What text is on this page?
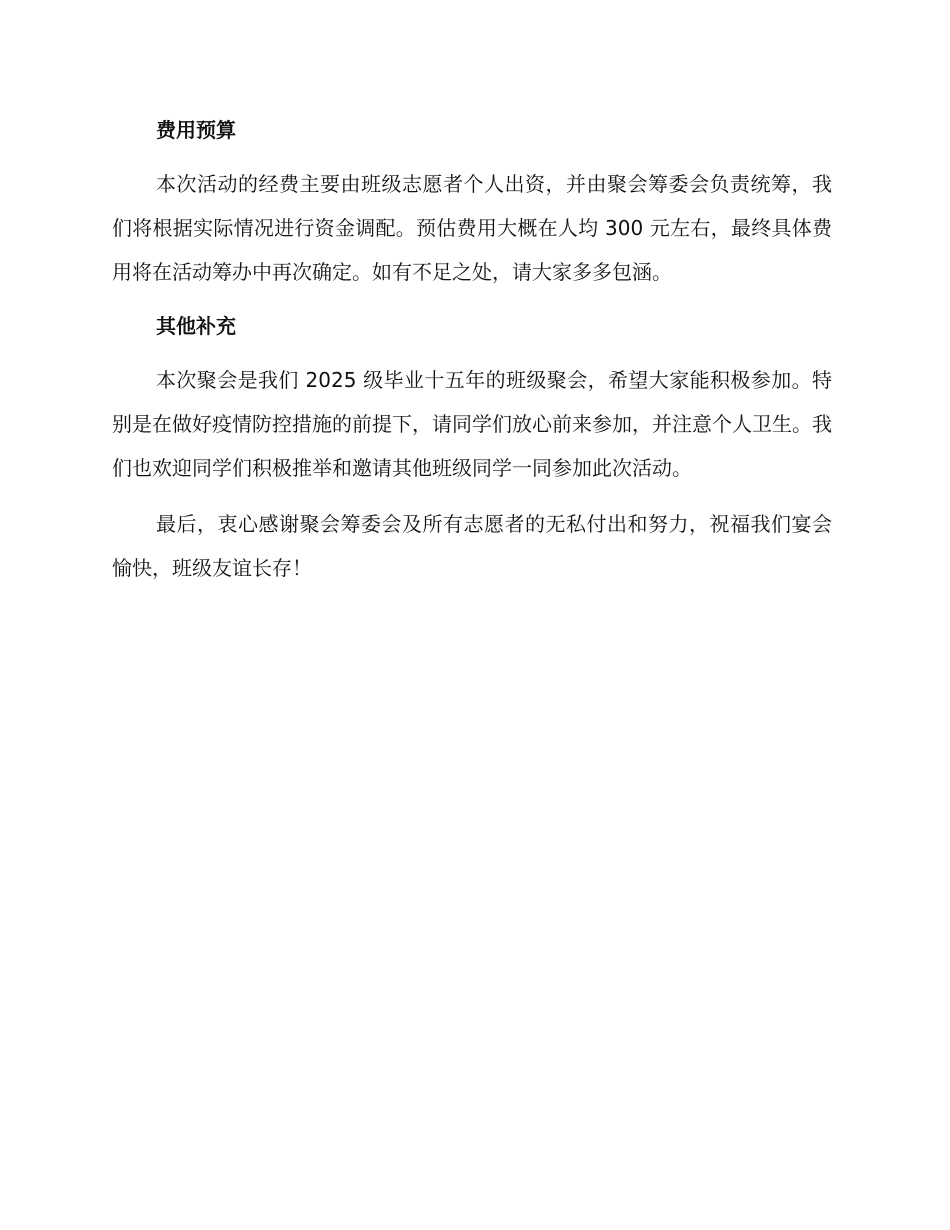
费用预算

本次活动的经费主要由班级志愿者个人出资，并由聚会筹委会负责统筹，我们将根据实际情况进行资金调配。预估费用大概在人均 300 元左右，最终具体费用将在活动筹办中再次确定。如有不足之处，请大家多多包涵。

其他补充

本次聚会是我们 2025 级毕业十五年的班级聚会，希望大家能积极参加。特别是在做好疫情防控措施的前提下，请同学们放心前来参加，并注意个人卫生。我们也欢迎同学们积极推举和邀请其他班级同学一同参加此次活动。

最后，衷心感谢聚会筹委会及所有志愿者的无私付出和努力，祝福我们宴会愉快，班级友谊长存！
